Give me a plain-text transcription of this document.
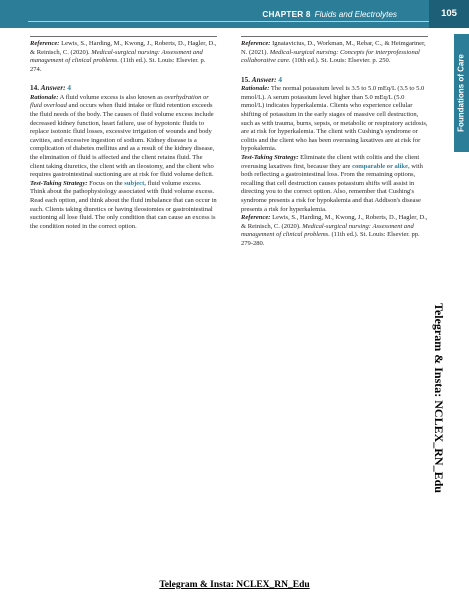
CHAPTER 8 Fluids and Electrolytes	105
Foundations of Care
Telegram & Insta: NCLEX_RN_Edu
Telegram & Insta: NCLEX_RN_Edu

Reference: Lewis, S., Harding, M., Kwong, J., Roberts, D., Hagler, D., & Reinisch, C. (2020). Medical-surgical nursing: Assessment and management of clinical problems. (11th ed.). St. Louis: Elsevier. p. 274.

14. Answer: 4

Rationale: A fluid volume excess is also known as overhydration or fluid overload and occurs when fluid intake or fluid retention exceeds the fluid needs of the body. The causes of fluid volume excess include decreased kidney function, heart failure, use of hypotonic fluids to replace isotonic fluid losses, excessive irrigation of wounds and body cavities, and excessive ingestion of sodium. Kidney disease is a complication of diabetes mellitus and as a result of the kidney disease, the elimination of fluid is affected and the client retains fluid. The client taking diuretics, the client with an ileostomy, and the client who requires gastrointestinal suctioning are at risk for fluid volume deficit.

Test-Taking Strategy: Focus on the subject, fluid volume excess. Think about the pathophysiology associated with fluid volume excess. Read each option, and think about the fluid imbalance that can occur in each. Clients taking diuretics or having ileostomies or gastrointestinal suctioning all lose fluid. The only condition that can cause an excess is the condition noted in the correct option.

Reference: Ignatavicius, D., Workman, M., Rebar, C., & Heimgartner, N. (2021). Medical-surgical nursing: Concepts for interprofessional collaborative care. (10th ed.). St. Louis: Elsevier. p. 250.

15. Answer: 4

Rationale: The normal potassium level is 3.5 to 5.0 mEq/L (3.5 to 5.0 mmol/L). A serum potassium level higher than 5.0 mEq/L (5.0 mmol/L) indicates hyperkalemia. Clients who experience cellular shifting of potassium in the early stages of massive cell destruction, such as with trauma, burns, sepsis, or metabolic or respiratory acidosis, are at risk for hyperkalemia. The client with Cushing's syndrome or colitis and the client who has been overusing laxatives are at risk for hypokalemia.

Test-Taking Strategy: Eliminate the client with colitis and the client overusing laxatives first, because they are comparable or alike, with both reflecting a gastrointestinal loss. From the remaining options, recalling that cell destruction causes potassium shifts will assist in directing you to the correct option. Also, remember that Cushing's syndrome presents a risk for hypokalemia and that Addison's disease presents a risk for hyperkalemia.

Reference: Lewis, S., Harding, M., Kwong, J., Roberts, D., Hagler, D., & Reinisch, C. (2020). Medical-surgical nursing: Assessment and management of clinical problems. (11th ed.). St. Louis: Elsevier. pp. 279-280.
